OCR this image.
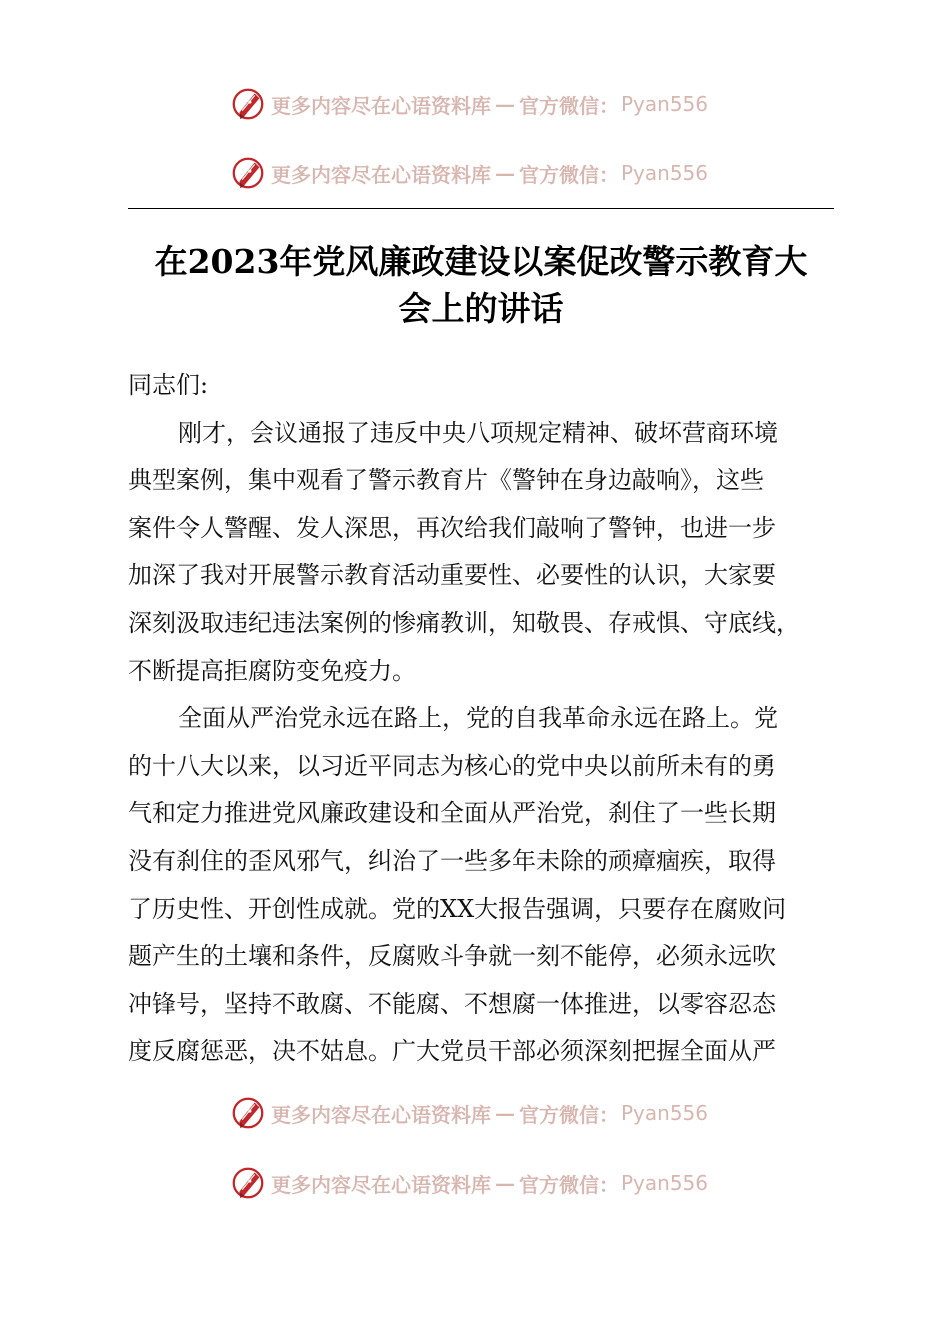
更多内容尽在心语资料库 — 官方微信： Pyan556
更多内容尽在心语资料库 — 官方微信： Pyan556
在2023年党风廉政建设以案促改警示教育大
会上的讲话
同志们:
刚才，会议通报了违反中央八项规定精神、破坏营商环境
典型案例，集中观看了警示教育片《警钟在身边敲响》，这些
案件令人警醒、发人深思，再次给我们敲响了警钟，也进一步
加深了我对开展警示教育活动重要性、必要性的认识，大家要
深刻汲取违纪违法案例的惨痛教训，知敬畏、存戒惧、守底线，
不断提高拒腐防变免疫力。
全面从严治党永远在路上，党的自我革命永远在路上。党
的十八大以来，以习近平同志为核心的党中央以前所未有的勇
气和定力推进党风廉政建设和全面从严治党，刹住了一些长期
没有刹住的歪风邪气，纠治了一些多年未除的顽瘴痼疾，取得
了历史性、开创性成就。党的XX大报告强调，只要存在腐败问
题产生的土壤和条件，反腐败斗争就一刻不能停，必须永远吹
冲锋号，坚持不敢腐、不能腐、不想腐一体推进，以零容忍态
度反腐惩恶，决不姑息。广大党员干部必须深刻把握全面从严
更多内容尽在心语资料库 — 官方微信： Pyan556
更多内容尽在心语资料库 — 官方微信： Pyan556
